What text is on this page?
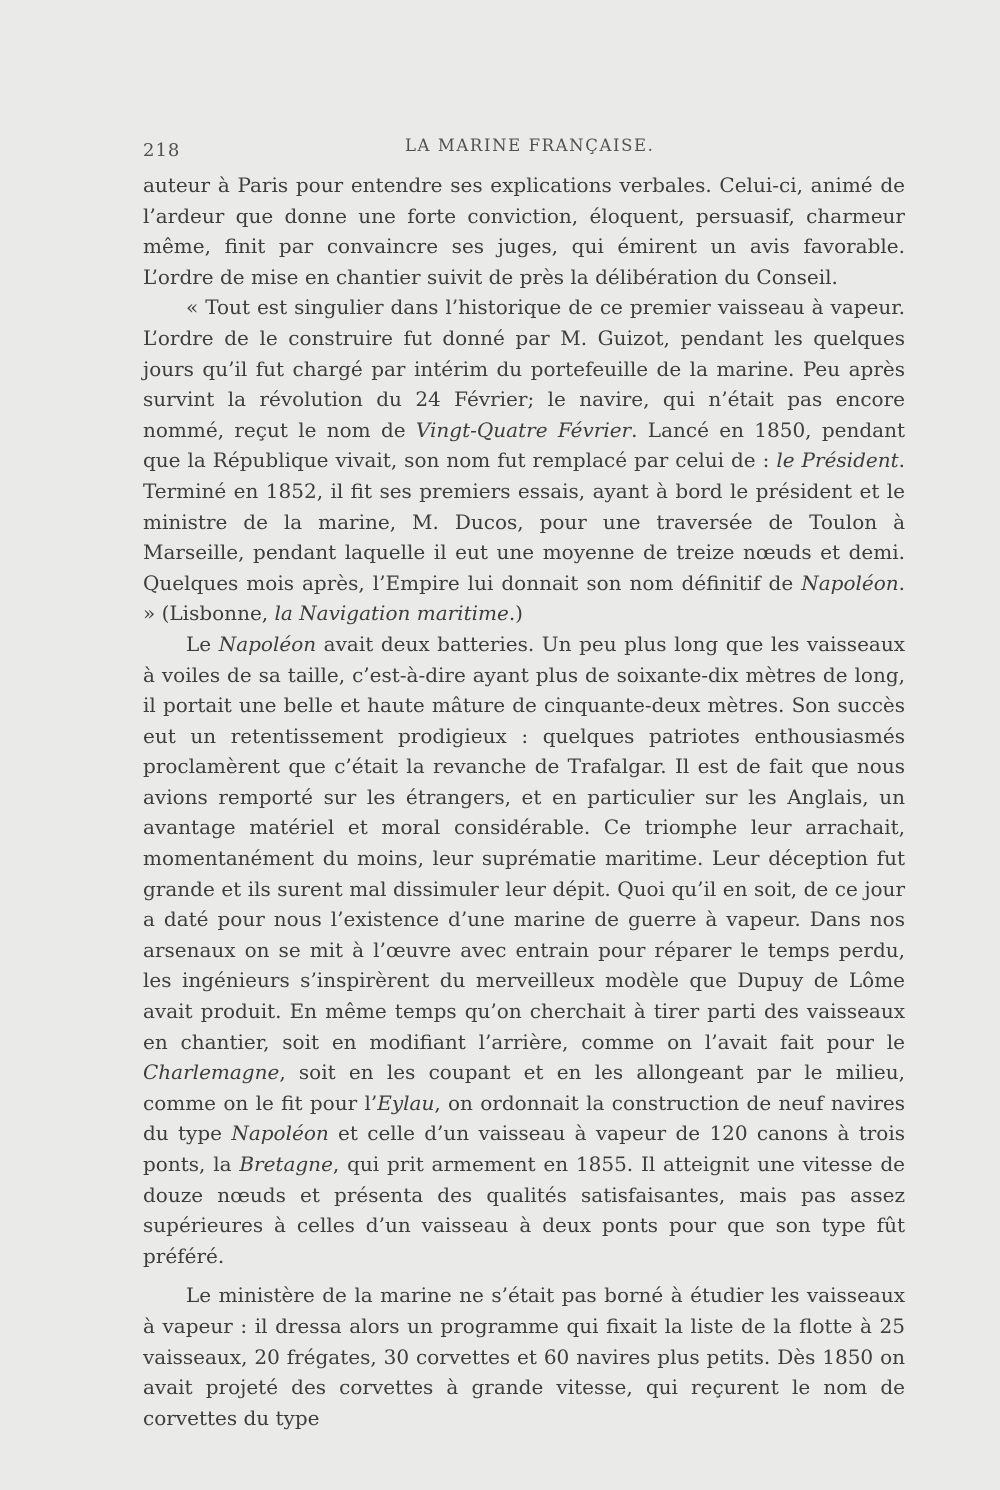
218	LA MARINE FRANÇAISE.

auteur à Paris pour entendre ses explications verbales. Celui-ci, animé de l’ardeur que donne une forte conviction, éloquent, persuasif, charmeur même, finit par convaincre ses juges, qui émirent un avis favorable. L’ordre de mise en chantier suivit de près la délibération du Conseil.

« Tout est singulier dans l’historique de ce premier vaisseau à vapeur. L’ordre de le construire fut donné par M. Guizot, pendant les quelques jours qu’il fut chargé par intérim du portefeuille de la marine. Peu après survint la révolution du 24 Février; le navire, qui n’était pas encore nommé, reçut le nom de Vingt-Quatre Février. Lancé en 1850, pendant que la République vivait, son nom fut remplacé par celui de : le Président. Terminé en 1852, il fit ses premiers essais, ayant à bord le président et le ministre de la marine, M. Ducos, pour une traversée de Toulon à Marseille, pendant laquelle il eut une moyenne de treize nœuds et demi. Quelques mois après, l’Empire lui donnait son nom définitif de Napoléon. » (Lisbonne, la Navigation maritime.)

Le Napoléon avait deux batteries. Un peu plus long que les vaisseaux à voiles de sa taille, c’est-à-dire ayant plus de soixante-dix mètres de long, il portait une belle et haute mâture de cinquante-deux mètres. Son succès eut un retentissement prodigieux : quelques patriotes enthousiasmés proclamèrent que c’était la revanche de Trafalgar. Il est de fait que nous avions remporté sur les étrangers, et en particulier sur les Anglais, un avantage matériel et moral considérable. Ce triomphe leur arrachait, momentanément du moins, leur suprématie maritime. Leur déception fut grande et ils surent mal dissimuler leur dépit. Quoi qu’il en soit, de ce jour a daté pour nous l’existence d’une marine de guerre à vapeur. Dans nos arsenaux on se mit à l’œuvre avec entrain pour réparer le temps perdu, les ingénieurs s’inspirèrent du merveilleux modèle que Dupuy de Lôme avait produit. En même temps qu’on cherchait à tirer parti des vaisseaux en chantier, soit en modifiant l’arrière, comme on l’avait fait pour le Charlemagne, soit en les coupant et en les allongeant par le milieu, comme on le fit pour l’Eylau, on ordonnait la construction de neuf navires du type Napoléon et celle d’un vaisseau à vapeur de 120 canons à trois ponts, la Bretagne, qui prit armement en 1855. Il atteignit une vitesse de douze nœuds et présenta des qualités satisfaisantes, mais pas assez supérieures à celles d’un vaisseau à deux ponts pour que son type fût préféré.

Le ministère de la marine ne s’était pas borné à étudier les vaisseaux à vapeur : il dressa alors un programme qui fixait la liste de la flotte à 25 vaisseaux, 20 frégates, 30 corvettes et 60 navires plus petits. Dès 1850 on avait projeté des corvettes à grande vitesse, qui reçurent le nom de corvettes du type
